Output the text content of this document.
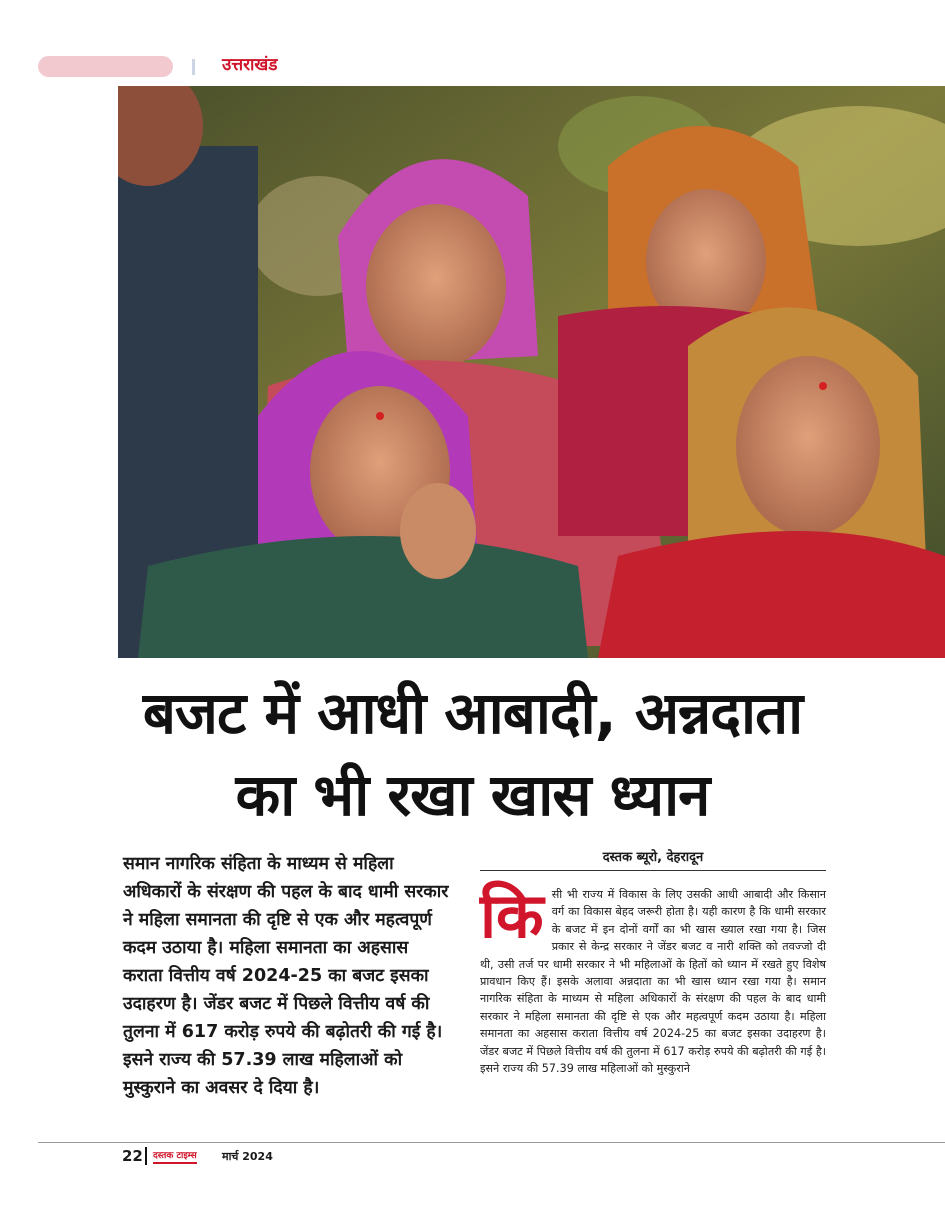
उत्तराखंड
बजट में आधी आबादी, अन्नदाता
का भी रखा खास ध्यान
समान नागरिक संहिता के माध्यम से महिला अधिकारों के संरक्षण की पहल के बाद धामी सरकार ने महिला समानता की दृष्टि से एक और महत्वपूर्ण कदम उठाया है। महिला समानता का अहसास कराता वित्तीय वर्ष 2024-25 का बजट इसका उदाहरण है। जेंडर बजट में पिछले वित्तीय वर्ष की तुलना में 617 करोड़ रुपये की बढ़ोतरी की गई है। इसने राज्य की 57.39 लाख महिलाओं को मुस्कुराने का अवसर दे दिया है।
दस्तक ब्यूरो, देहरादून

किसी भी राज्य में विकास के लिए उसकी आधी आबादी और किसान वर्ग का विकास बेहद जरूरी होता है। यही कारण है कि धामी सरकार के बजट में इन दोनों वर्गों का भी खास ख्याल रखा गया है। जिस प्रकार से केन्द्र सरकार ने जेंडर बजट व नारी शक्ति को तवज्जो दी थी, उसी तर्ज पर धामी सरकार ने भी महिलाओं के हितों को ध्यान में रखते हुए विशेष प्रावधान किए हैं। इसके अलावा अन्नदाता का भी खास ध्यान रखा गया है। समान नागरिक संहिता के माध्यम से महिला अधिकारों के संरक्षण की पहल के बाद धामी सरकार ने महिला समानता की दृष्टि से एक और महत्वपूर्ण कदम उठाया है। महिला समानता का अहसास कराता वित्तीय वर्ष 2024-25 का बजट इसका उदाहरण है। जेंडर बजट में पिछले वित्तीय वर्ष की तुलना में 617 करोड़ रुपये की बढ़ोतरी की गई है। इसने राज्य की 57.39 लाख महिलाओं को मुस्कुराने

22 दस्तक टाइम्स मार्च 2024
